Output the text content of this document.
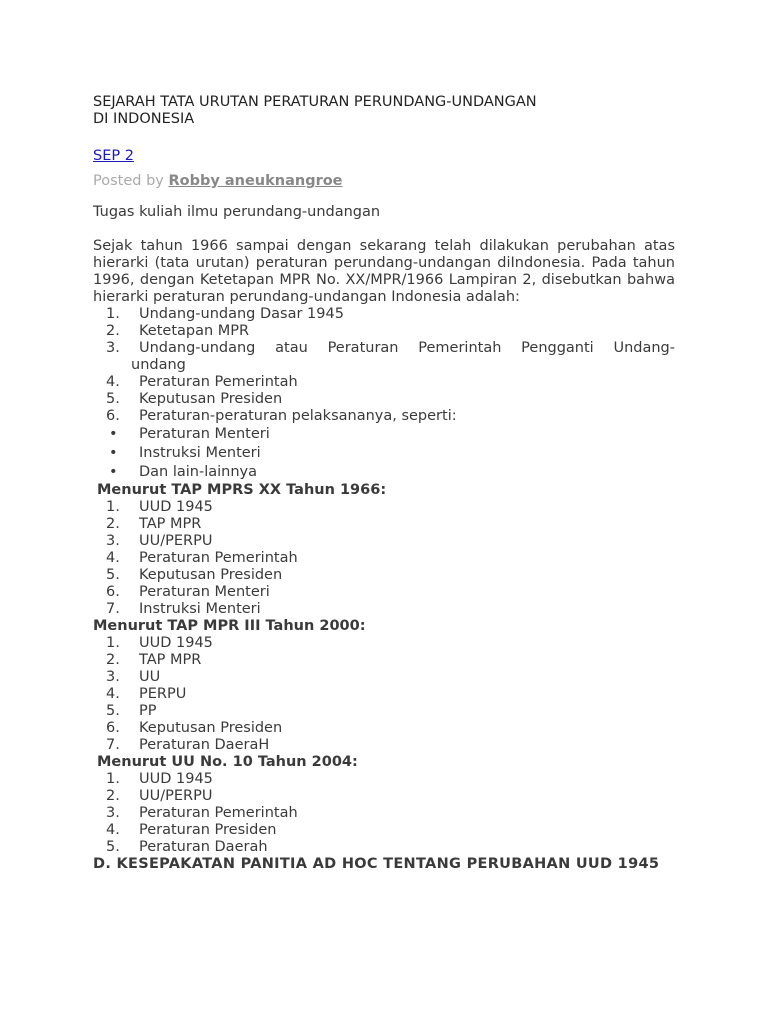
SEJARAH TATA URUTAN PERATURAN PERUNDANG-UNDANGAN
DI INDONESIA
SEP 2
Posted by Robby aneuknangroe
Tugas kuliah ilmu perundang-undangan
Sejak tahun 1966 sampai dengan sekarang telah dilakukan perubahan atas hierarki (tata urutan) peraturan perundang-undangan diIndonesia. Pada tahun 1996, dengan Ketetapan MPR No. XX/MPR/1966 Lampiran 2, disebutkan bahwa hierarki peraturan perundang-undangan Indonesia adalah:
1.	Undang-undang Dasar 1945
2.	Ketetapan MPR
3.	Undang-undang atau Peraturan Pemerintah Pengganti Undang-
undang
4.	Peraturan Pemerintah
5.	Keputusan Presiden
6.	Peraturan-peraturan pelaksananya, seperti:
• Peraturan Menteri
• Instruksi Menteri
• Dan lain-lainnya

Menurut TAP MPRS XX Tahun 1966:

1.	UUD 1945
2.	TAP MPR
3.	UU/PERPU
4.	Peraturan Pemerintah
5.	Keputusan Presiden
6.	Peraturan Menteri
7.	Instruksi Menteri

Menurut TAP MPR III Tahun 2000:

1.	UUD 1945
2.	TAP MPR
3.	UU
4.	PERPU
5.	PP
6.	Keputusan Presiden
7.	Peraturan DaeraH

Menurut UU No. 10 Tahun 2004:

1.	UUD 1945
2.	UU/PERPU
3.	Peraturan Pemerintah
4.	Peraturan Presiden
5.	Peraturan Daerah

D. KESEPAKATAN PANITIA AD HOC TENTANG PERUBAHAN UUD 1945
